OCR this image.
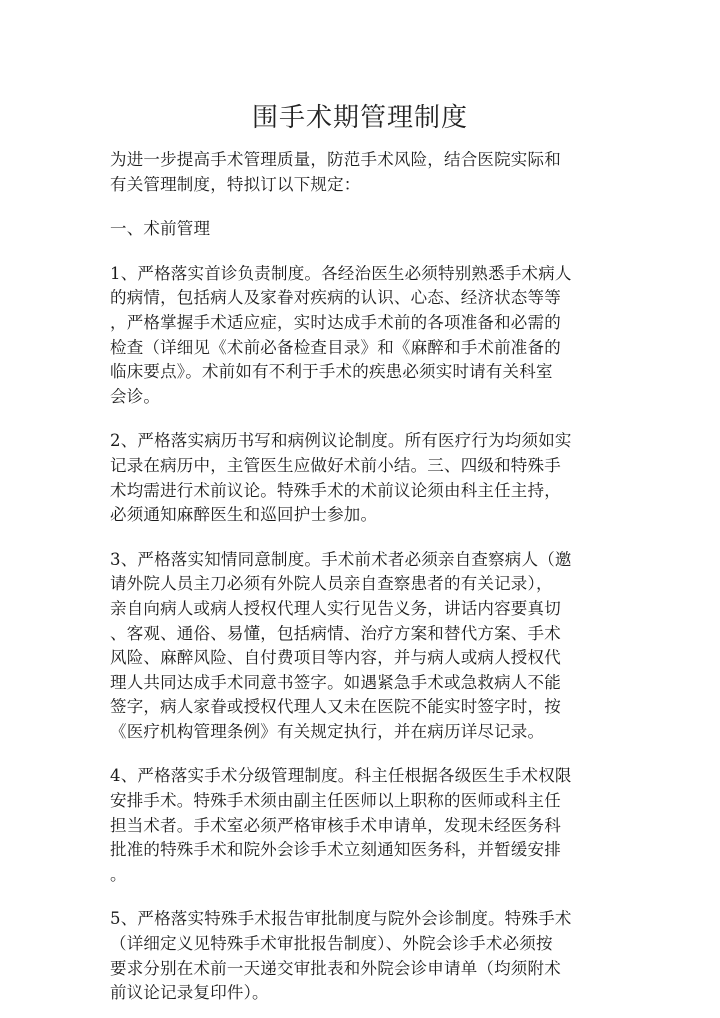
围手术期管理制度

为进一步提高手术管理质量，防范手术风险，结合医院实际和
有关管理制度，特拟订以下规定：

一、术前管理

1、严格落实首诊负责制度。各经治医生必须特别熟悉手术病人
的病情，包括病人及家眷对疾病的认识、心态、经济状态等等
，严格掌握手术适应症，实时达成手术前的各项准备和必需的
检查（详细见《术前必备检查目录》和《麻醉和手术前准备的
临床要点》。术前如有不利于手术的疾患必须实时请有关科室
会诊。

2、严格落实病历书写和病例议论制度。所有医疗行为均须如实
记录在病历中，主管医生应做好术前小结。三、四级和特殊手
术均需进行术前议论。特殊手术的术前议论须由科主任主持，
必须通知麻醉医生和巡回护士参加。

3、严格落实知情同意制度。手术前术者必须亲自查察病人（邀
请外院人员主刀必须有外院人员亲自查察患者的有关记录），
亲自向病人或病人授权代理人实行见告义务，讲话内容要真切
、客观、通俗、易懂，包括病情、治疗方案和替代方案、手术
风险、麻醉风险、自付费项目等内容，并与病人或病人授权代
理人共同达成手术同意书签字。如遇紧急手术或急救病人不能
签字，病人家眷或授权代理人又未在医院不能实时签字时，按
《医疗机构管理条例》有关规定执行，并在病历详尽记录。

4、严格落实手术分级管理制度。科主任根据各级医生手术权限
安排手术。特殊手术须由副主任医师以上职称的医师或科主任
担当术者。手术室必须严格审核手术申请单，发现未经医务科
批准的特殊手术和院外会诊手术立刻通知医务科，并暂缓安排
。

5、严格落实特殊手术报告审批制度与院外会诊制度。特殊手术
（详细定义见特殊手术审批报告制度）、外院会诊手术必须按
要求分别在术前一天递交审批表和外院会诊申请单（均须附术
前议论记录复印件）。
